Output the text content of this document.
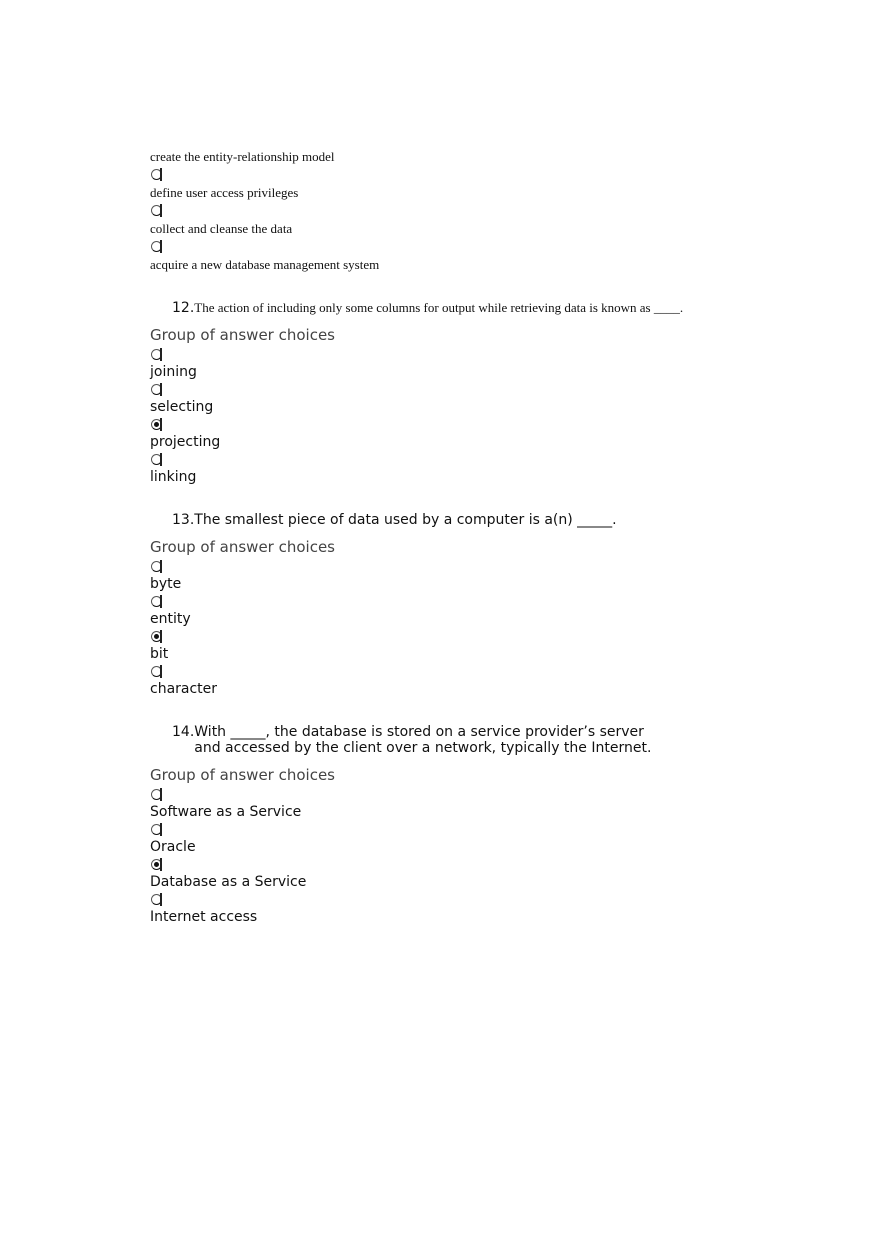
create the entity-relationship model
define user access privileges
collect and cleanse the data
acquire a new database management system
12. The action of including only some columns for output while retrieving data is known as ____.
Group of answer choices
joining
selecting
projecting
linking
13. The smallest piece of data used by a computer is a(n) _____.
Group of answer choices
byte
entity
bit
character
14. With _____, the database is stored on a service provider’s server and accessed by the client over a network, typically the Internet.
Group of answer choices
Software as a Service
Oracle
Database as a Service
Internet access
